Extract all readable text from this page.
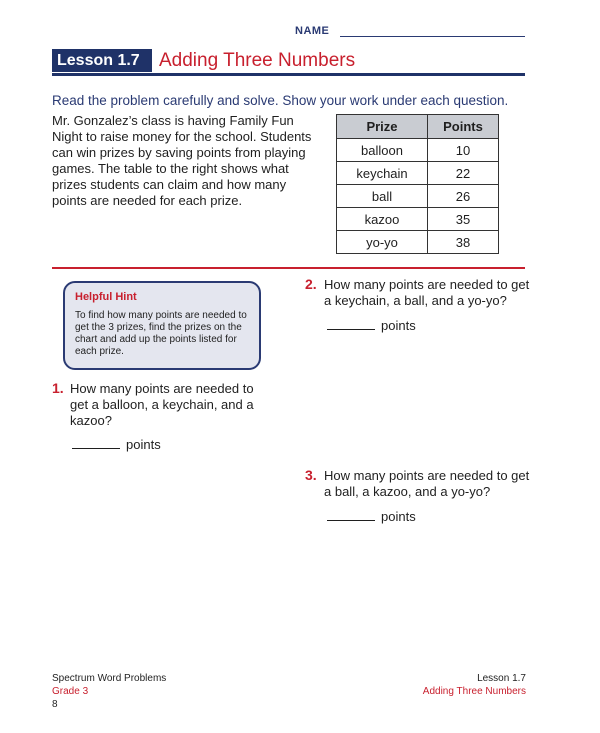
NAME
Lesson 1.7	Adding Three Numbers
Read the problem carefully and solve. Show your work under each question.
Mr. Gonzalez’s class is having Family Fun Night to raise money for the school. Students can win prizes by saving points from playing games. The table to the right shows what prizes students can claim and how many points are needed for each prize.
Prize	Points
balloon	10
keychain	22
ball	26
kazoo	35
yo-yo	38
Helpful Hint
To find how many points are needed to get the 3 prizes, find the prizes on the chart and add up the points listed for each prize.
1. How many points are needed to get a balloon, a keychain, and a kazoo?
points
2. How many points are needed to get a keychain, a ball, and a yo-yo?
points
3. How many points are needed to get a ball, a kazoo, and a yo-yo?
points
Spectrum Word Problems
Grade 3
8
Lesson 1.7
Adding Three Numbers
